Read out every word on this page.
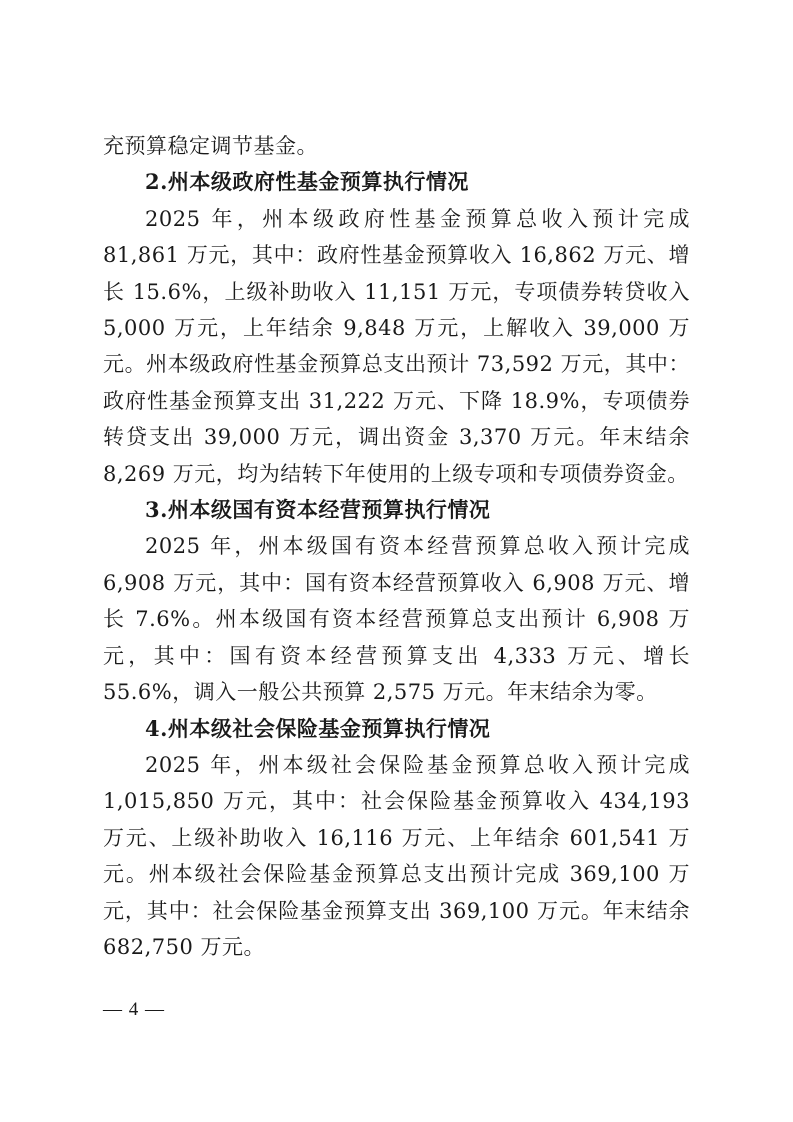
充预算稳定调节基金。

2.州本级政府性基金预算执行情况

2025 年，州本级政府性基金预算总收入预计完成 81,861 万元，其中：政府性基金预算收入 16,862 万元、增长 15.6%，上级补助收入 11,151 万元，专项债券转贷收入 5,000 万元，上年结余 9,848 万元，上解收入 39,000 万元。州本级政府性基金预算总支出预计 73,592 万元，其中：政府性基金预算支出 31,222 万元、下降 18.9%，专项债券转贷支出 39,000 万元，调出资金 3,370 万元。年末结余 8,269 万元，均为结转下年使用的上级专项和专项债券资金。

3.州本级国有资本经营预算执行情况

2025 年，州本级国有资本经营预算总收入预计完成 6,908 万元，其中：国有资本经营预算收入 6,908 万元、增长 7.6%。州本级国有资本经营预算总支出预计 6,908 万元，其中：国有资本经营预算支出 4,333 万元、增长 55.6%，调入一般公共预算 2,575 万元。年末结余为零。

4.州本级社会保险基金预算执行情况

2025 年，州本级社会保险基金预算总收入预计完成 1,015,850 万元，其中：社会保险基金预算收入 434,193 万元、上级补助收入 16,116 万元、上年结余 601,541 万元。州本级社会保险基金预算总支出预计完成 369,100 万元，其中：社会保险基金预算支出 369,100 万元。年末结余 682,750 万元。

— 4 —
